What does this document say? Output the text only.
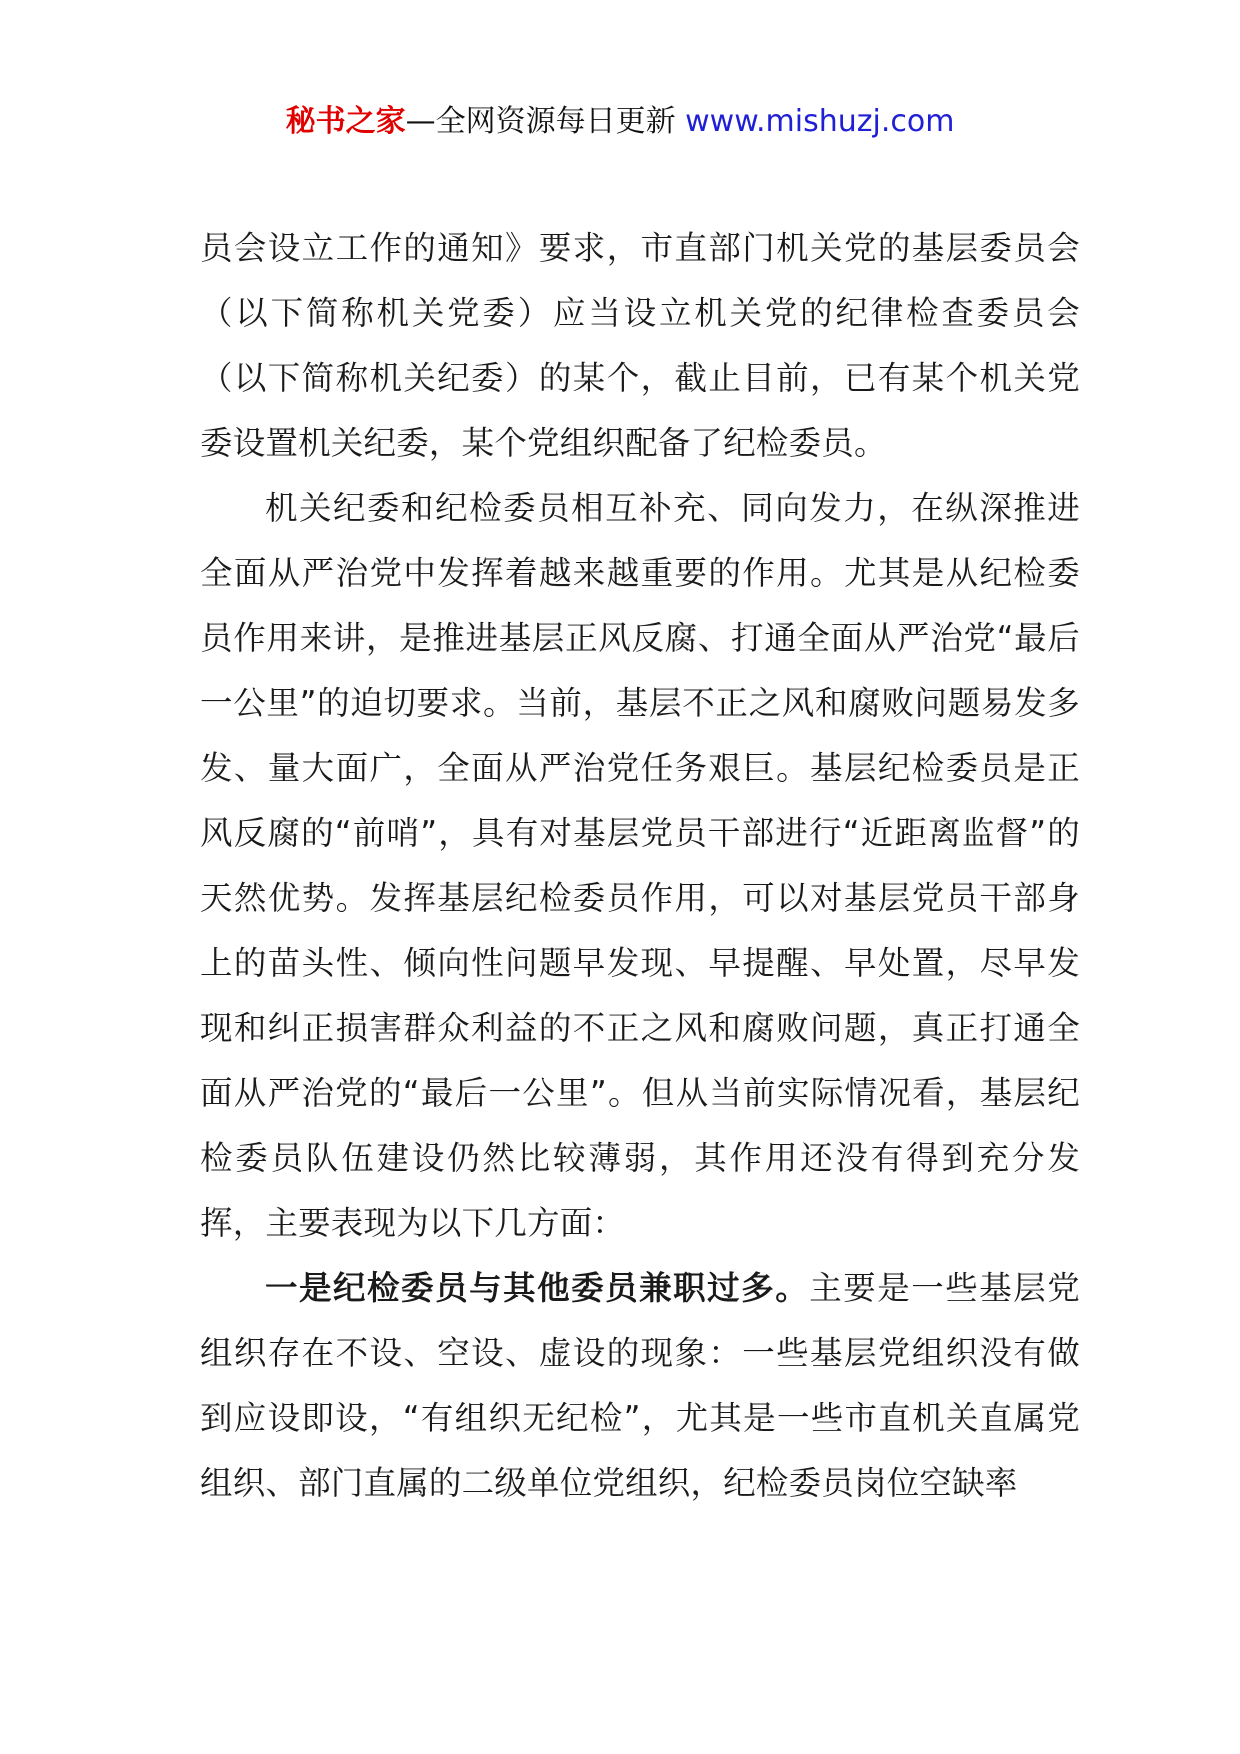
秘书之家—全网资源每日更新 www.mishuzj.com

员会设立工作的通知》要求，市直部门机关党的基层委员会（以下简称机关党委）应当设立机关党的纪律检查委员会（以下简称机关纪委）的某个，截止目前，已有某个机关党委设置机关纪委，某个党组织配备了纪检委员。

机关纪委和纪检委员相互补充、同向发力，在纵深推进全面从严治党中发挥着越来越重要的作用。尤其是从纪检委员作用来讲，是推进基层正风反腐、打通全面从严治党“最后一公里”的迫切要求。当前，基层不正之风和腐败问题易发多发、量大面广，全面从严治党任务艰巨。基层纪检委员是正风反腐的“前哨”，具有对基层党员干部进行“近距离监督”的天然优势。发挥基层纪检委员作用，可以对基层党员干部身上的苗头性、倾向性问题早发现、早提醒、早处置，尽早发现和纠正损害群众利益的不正之风和腐败问题，真正打通全面从严治党的“最后一公里”。但从当前实际情况看，基层纪检委员队伍建设仍然比较薄弱，其作用还没有得到充分发挥，主要表现为以下几方面：

一是纪检委员与其他委员兼职过多。主要是一些基层党组织存在不设、空设、虚设的现象：一些基层党组织没有做到应设即设，“有组织无纪检”，尤其是一些市直机关直属党组织、部门直属的二级单位党组织，纪检委员岗位空缺率
